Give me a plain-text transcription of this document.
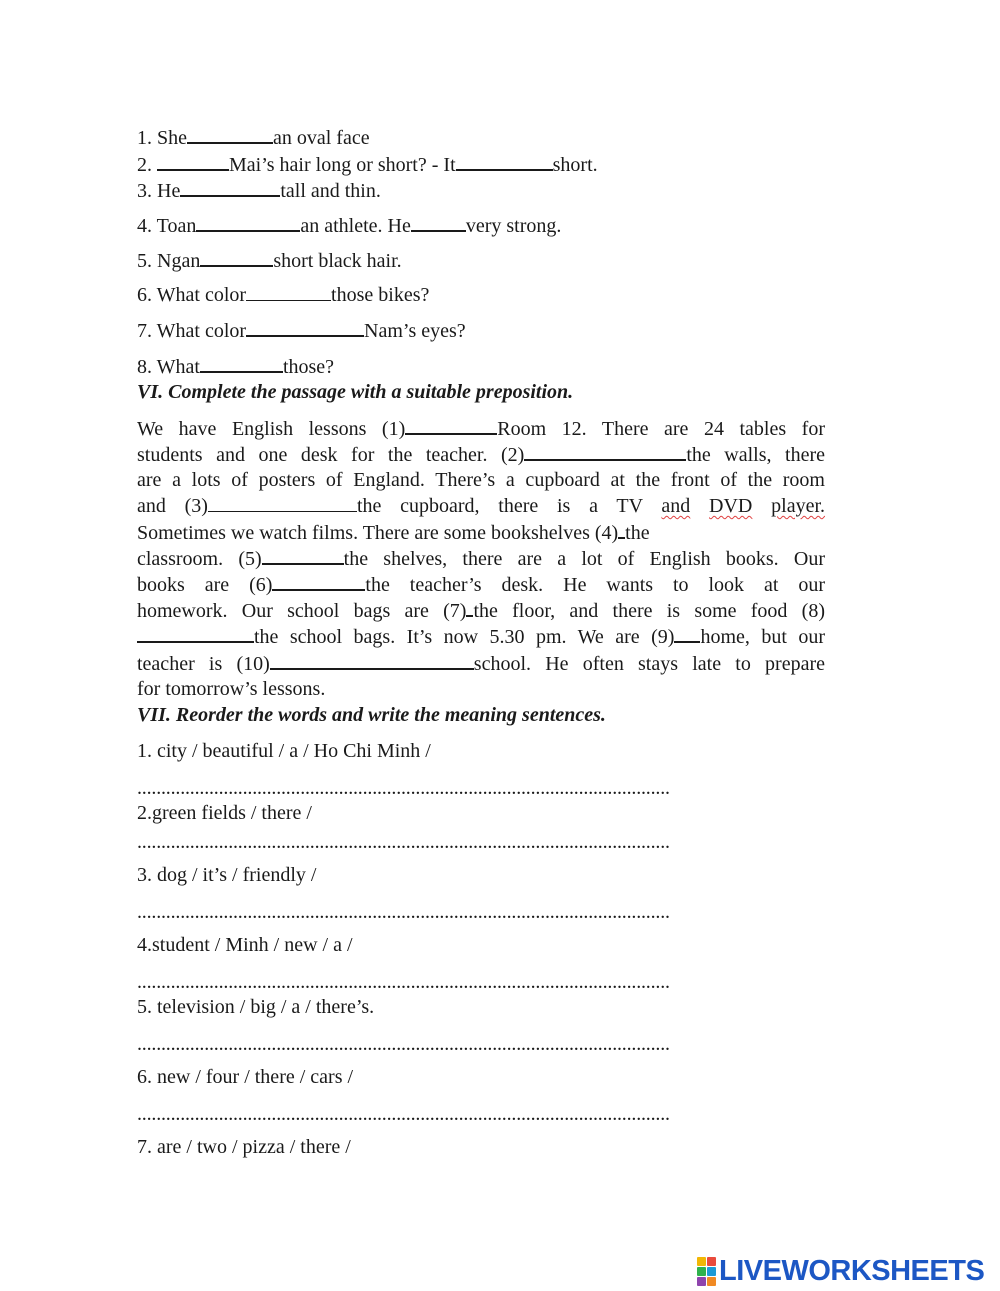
1. She	an oval face
2.	Mai’s hair long or short? - It	short.
3. He	tall and thin.
4. Toan	an athlete. He	very strong.
5. Ngan	short black hair.
6. What color	those bikes?
7. What color	Nam’s eyes?
8. What	those?
VI. Complete the passage with a suitable preposition.
We have English lessons (1)	Room 12. There are 24 tables for
students and one desk for the teacher. (2)	the walls, there
are a lots of posters of England. There’s a cupboard at the front of the room
and (3)	the cupboard, there is a TV and DVD player.
Sometimes we watch films. There are some bookshelves (4) the
classroom. (5)	the shelves, there are a lot of English books. Our
books are (6)	the teacher’s desk. He wants to look at our
homework. Our school bags are (7) the floor, and there is some food (8)
the school bags. It’s now 5.30 pm. We are (9) home, but our
teacher is (10)	school. He often stays late to prepare
for tomorrow’s lessons.
VII. Reorder the words and write the meaning sentences.
1. city / beautiful / a / Ho Chi Minh /
...............................................................................................................
2.green fields / there /
...............................................................................................................
3. dog / it’s / friendly /
...............................................................................................................
4.student / Minh / new / a /
...............................................................................................................
5. television / big / a / there’s.
...............................................................................................................
6. new / four / there / cars /
...............................................................................................................
7. are / two / pizza / there /
LIVEWORKSHEETS
